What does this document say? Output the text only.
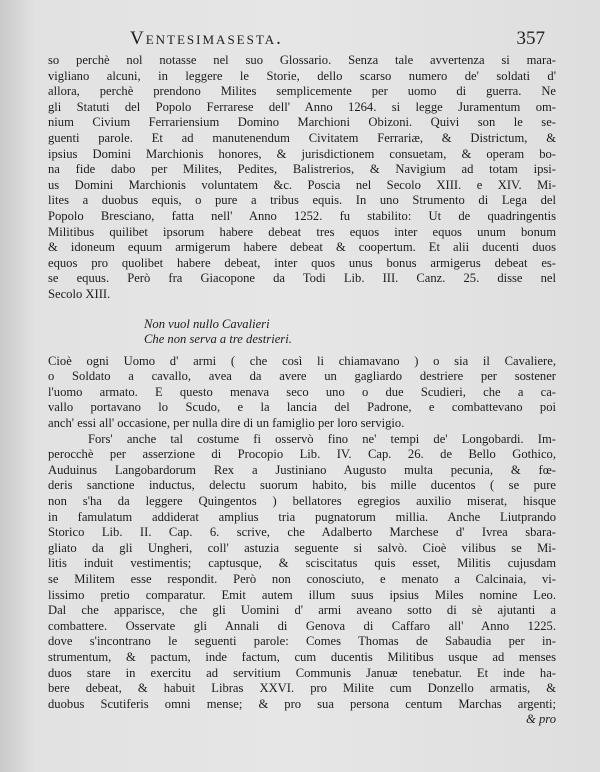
Ventesimasesta.	357
so perchè nol notasse nel suo Glossario. Senza tale avvertenza si mara-
vigliano alcuni, in leggere le Storie, dello scarso numero de' soldati d'
allora, perchè prendono Milites semplicemente per uomo di guerra. Ne
gli Statuti del Popolo Ferrarese dell' Anno 1264. si legge Juramentum om-
nium Civium Ferrariensium Domino Marchioni Obizoni. Quivi son le se-
guenti parole. Et ad manutenendum Civitatem Ferrariæ, & Districtum, &
ipsius Domini Marchionis honores, & jurisdictionem consuetam, & operam bo-
na fide dabo per Milites, Pedites, Balistrerios, & Navigium ad totam ipsi-
us Domini Marchionis voluntatem &c. Poscia nel Secolo XIII. e XIV. Mi-
lites a duobus equis, o pure a tribus equis. In uno Strumento di Lega del
Popolo Bresciano, fatta nell' Anno 1252. fu stabilito: Ut de quadringentis
Militibus quilibet ipsorum habere debeat tres equos inter equos unum bonum
& idoneum equum armigerum habere debeat & coopertum. Et alii ducenti duos
equos pro quolibet habere debeat, inter quos unus bonus armigerus debeat es-
se equus. Però fra Giacopone da Todi Lib. III. Canz. 25. disse nel
Secolo XIII.
Non vuol nullo Cavalieri
Che non serva a tre destrieri.
Cioè ogni Uomo d' armi ( che così li chiamavano ) o sia il Cavaliere,
o Soldato a cavallo, avea da avere un gagliardo destriere per sostener
l'uomo armato. E questo menava seco uno o due Scudieri, che a ca-
vallo portavano lo Scudo, e la lancia del Padrone, e combattevano poi
anch' essi all' occasione, per nulla dire di un famiglio per loro servigio.
Fors' anche tal costume fi osservò fino ne' tempi de' Longobardi. Im-
perocchè per asserzione di Procopio Lib. IV. Cap. 26. de Bello Gothico,
Auduinus Langobardorum Rex a Justiniano Augusto multa pecunia, & fœ-
deris sanctione inductus, delectu suorum habito, bis mille ducentos ( se pure
non s'ha da leggere Quingentos ) bellatores egregios auxilio miserat, hisque
in famulatum addiderat amplius tria pugnatorum millia. Anche Liutprando
Storico Lib. II. Cap. 6. scrive, che Adalberto Marchese d' Ivrea sbara-
gliato da gli Ungheri, coll' astuzia seguente si salvò. Cioè vilibus se Mi-
litis induit vestimentis; captusque, & sciscitatus quis esset, Militis cujusdam
se Militem esse respondit. Però non conosciuto, e menato a Calcinaia, vi-
lissimo pretio comparatur. Emit autem illum suus ipsius Miles nomine Leo.
Dal che apparisce, che gli Uomini d' armi aveano sotto di sè ajutanti a
combattere. Osservate gli Annali di Genova di Caffaro all' Anno 1225.
dove s'incontrano le seguenti parole: Comes Thomas de Sabaudia per in-
strumentum, & pactum, inde factum, cum ducentis Militibus usque ad menses
duos stare in exercitu ad servitium Communis Januæ tenebatur. Et inde ha-
bere debeat, & habuit Libras XXVI. pro Milite cum Donzello armatis, &
duobus Scutiferis omni mense; & pro sua persona centum Marchas argenti;
& pro
